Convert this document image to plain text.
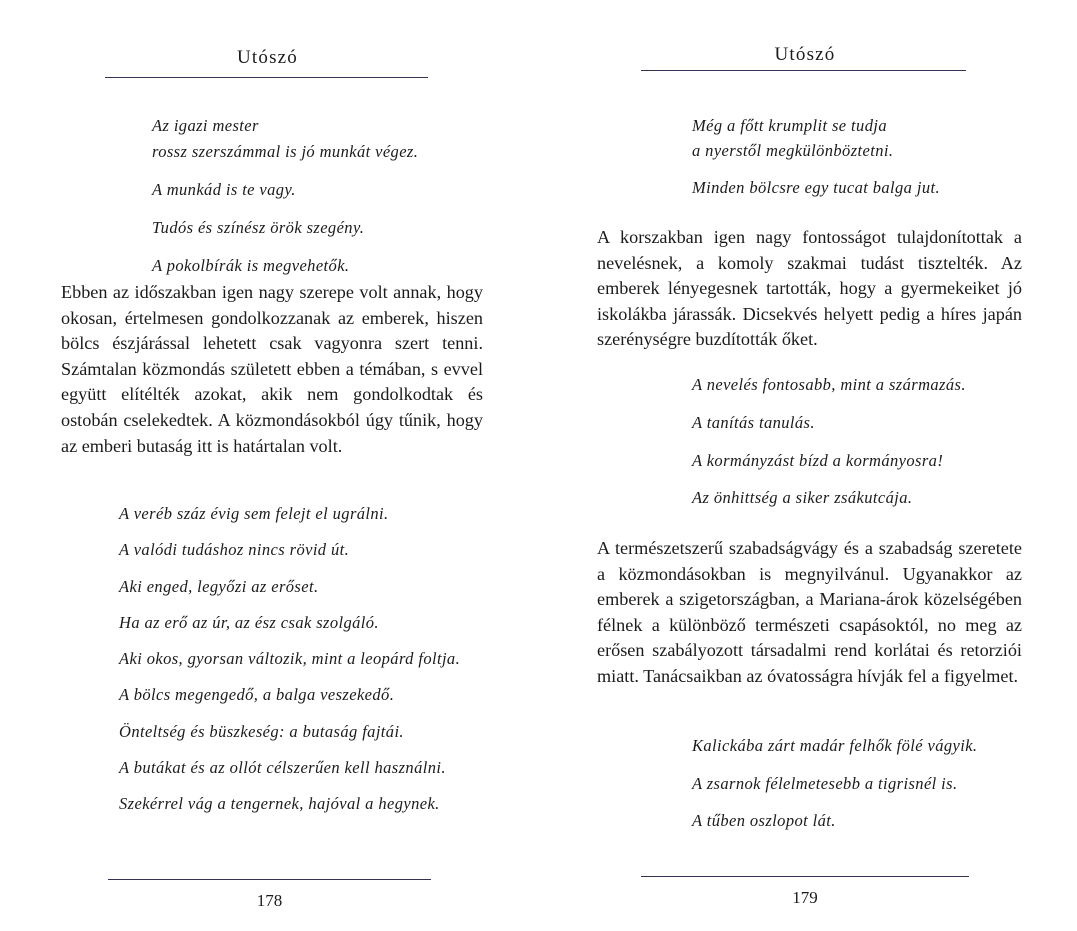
Utószó
Az igazi mester
rossz szerszámmal is jó munkát végez.
A munkád is te vagy.
Tudós és színész örök szegény.
A pokolbírák is megvehetők.

Ebben az időszakban igen nagy szerepe volt annak, hogy okosan, értelmesen gondolkozzanak az emberek, hiszen bölcs észjárással lehetett csak vagyonra szert tenni. Számtalan közmondás született ebben a témában, s evvel együtt elítélték azokat, akik nem gondolkodtak és ostobán cselekedtek. A közmondásokból úgy tűnik, hogy az emberi butaság itt is határtalan volt.

A veréb száz évig sem felejt el ugrálni.
A valódi tudáshoz nincs rövid út.
Aki enged, legyőzi az erőset.
Ha az erő az úr, az ész csak szolgáló.
Aki okos, gyorsan változik, mint a leopárd foltja.
A bölcs megengedő, a balga veszekedő.
Önteltség és büszkeség: a butaság fajtái.
A butákat és az ollót célszerűen kell használni.
Szekérrel vág a tengernek, hajóval a hegynek.
178
Utószó
Még a főtt krumplit se tudja
a nyerstől megkülönböztetni.
Minden bölcsre egy tucat balga jut.

A korszakban igen nagy fontosságot tulajdonítottak a nevelésnek, a komoly szakmai tudást tisztelték. Az emberek lényegesnek tartották, hogy a gyermekeiket jó iskolákba járassák. Dicsekvés helyett pedig a híres japán szerénységre buzdították őket.

A nevelés fontosabb, mint a származás.
A tanítás tanulás.
A kormányzást bízd a kormányosra!
Az önhittség a siker zsákutcája.

A természetszerű szabadságvágy és a szabadság szeretete a közmondásokban is megnyilvánul. Ugyanakkor az emberek a szigetországban, a Mariana-árok közelségében félnek a különböző természeti csapásoktól, no meg az erősen szabályozott társadalmi rend korlátai és retorziói miatt. Tanácsaikban az óvatosságra hívják fel a figyelmet.

Kalickába zárt madár felhők fölé vágyik.
A zsarnok félelmetesebb a tigrisnél is.
A tűben oszlopot lát.
179
